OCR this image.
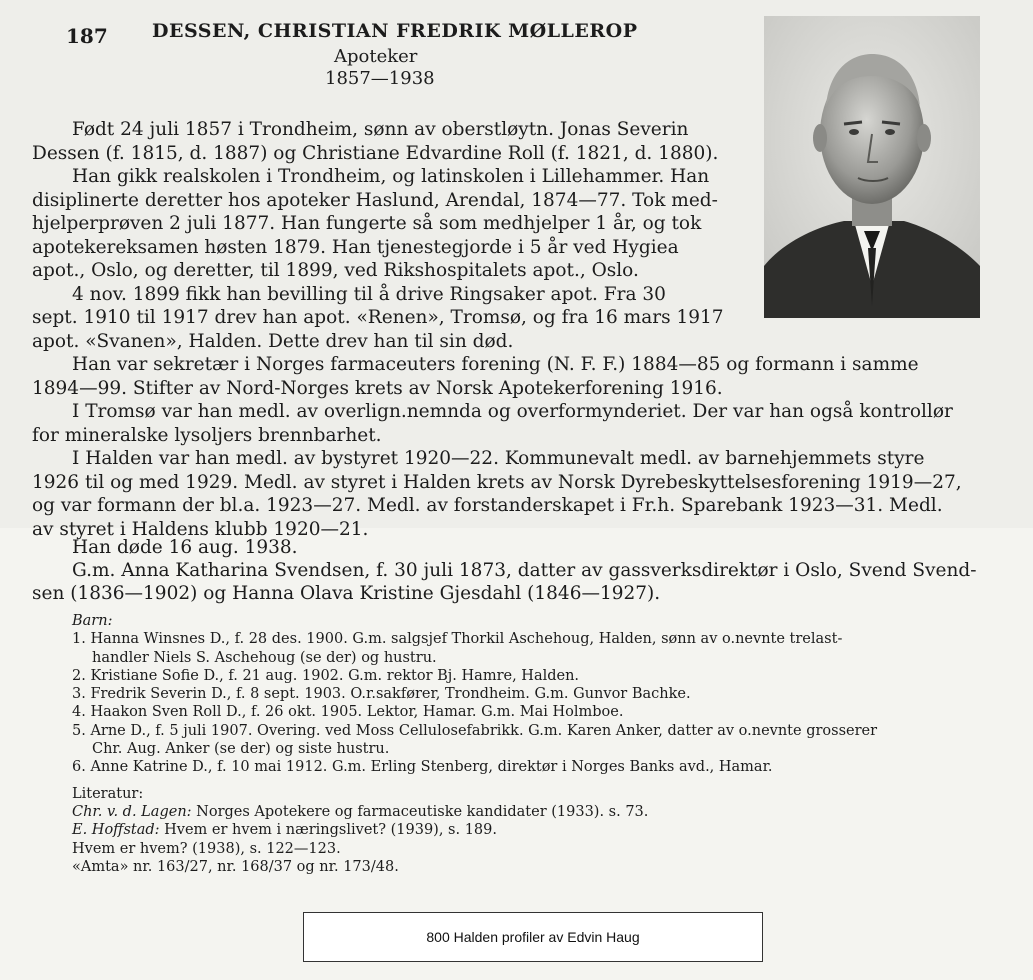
187 DESSEN, CHRISTIAN FREDRIK MØLLEROP
Apoteker
1857—1938
Født 24 juli 1857 i Trondheim, sønn av oberstløytn. Jonas Severin
Dessen (f. 1815, d. 1887) og Christiane Edvardine Roll (f. 1821, d. 1880).
Han gikk realskolen i Trondheim, og latinskolen i Lillehammer. Han
disiplinerte deretter hos apoteker Haslund, Arendal, 1874—77. Tok med-
hjelperprøven 2 juli 1877. Han fungerte så som medhjelper 1 år, og tok
apotekereksamen høsten 1879. Han tjenestegjorde i 5 år ved Hygiea
apot., Oslo, og deretter, til 1899, ved Rikshospitalets apot., Oslo.
4 nov. 1899 fikk han bevilling til å drive Ringsaker apot. Fra 30
sept. 1910 til 1917 drev han apot. «Renen», Tromsø, og fra 16 mars 1917
apot. «Svanen», Halden. Dette drev han til sin død.
Han var sekretær i Norges farmaceuters forening (N. F. F.) 1884—85 og formann i samme
1894—99. Stifter av Nord-Norges krets av Norsk Apotekerforening 1916.
I Tromsø var han medl. av overlign.nemnda og overformynderiet. Der var han også kontrollør
for mineralske lysoljers brennbarhet.
I Halden var han medl. av bystyret 1920—22. Kommunevalt medl. av barnehjemmets styre
1926 til og med 1929. Medl. av styret i Halden krets av Norsk Dyrebeskyttelsesforening 1919—27,
og var formann der bl.a. 1923—27. Medl. av forstanderskapet i Fr.h. Sparebank 1923—31. Medl.
av styret i Haldens klubb 1920—21.
Han døde 16 aug. 1938.
G.m. Anna Katharina Svendsen, f. 30 juli 1873, datter av gassverksdirektør i Oslo, Svend Svend-
sen (1836—1902) og Hanna Olava Kristine Gjesdahl (1846—1927).
Barn:
1. Hanna Winsnes D., f. 28 des. 1900. G.m. salgsjef Thorkil Aschehoug, Halden, sønn av o.nevnte trelast-
handler Niels S. Aschehoug (se der) og hustru.
2. Kristiane Sofie D., f. 21 aug. 1902. G.m. rektor Bj. Hamre, Halden.
3. Fredrik Severin D., f. 8 sept. 1903. O.r.sakfører, Trondheim. G.m. Gunvor Bachke.
4. Haakon Sven Roll D., f. 26 okt. 1905. Lektor, Hamar. G.m. Mai Holmboe.
5. Arne D., f. 5 juli 1907. Overing. ved Moss Cellulosefabrikk. G.m. Karen Anker, datter av o.nevnte grosserer
Chr. Aug. Anker (se der) og siste hustru.
6. Anne Katrine D., f. 10 mai 1912. G.m. Erling Stenberg, direktør i Norges Banks avd., Hamar.
Literatur:
Chr. v. d. Lagen: Norges Apotekere og farmaceutiske kandidater (1933). s. 73.
E. Hoffstad: Hvem er hvem i næringslivet? (1939), s. 189.
Hvem er hvem? (1938), s. 122—123.
«Amta» nr. 163/27, nr. 168/37 og nr. 173/48.
800 Halden profiler av Edvin Haug
